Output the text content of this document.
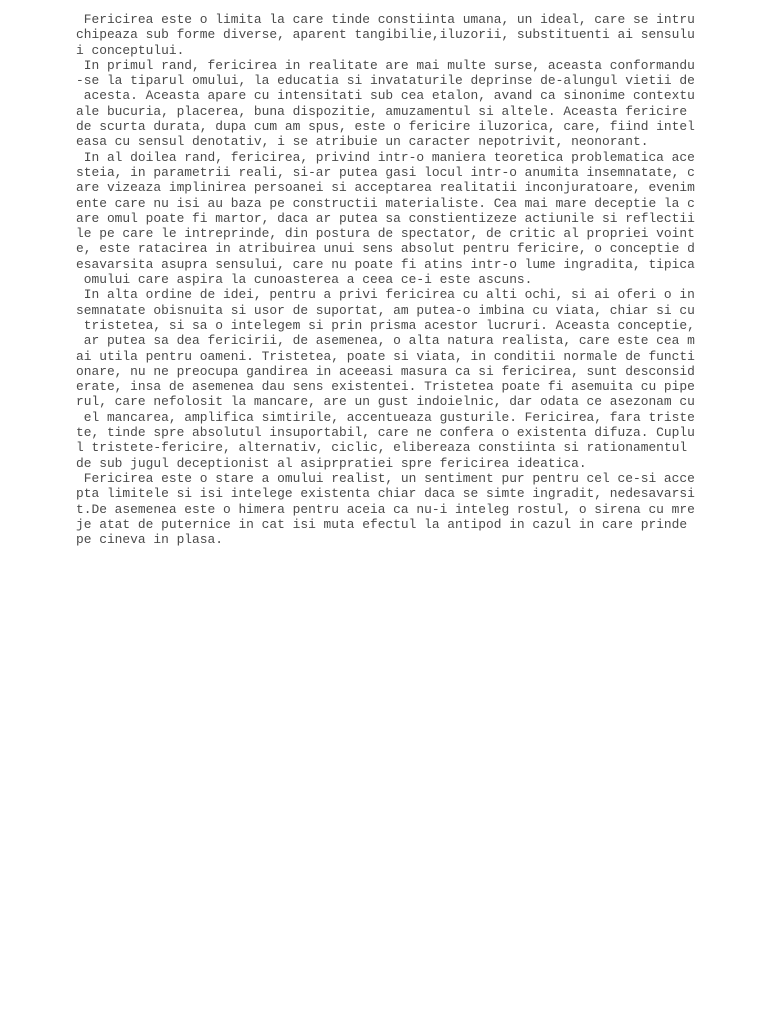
Fericirea este o limita la care tinde constiinta umana, un ideal, care se intru
chipeaza sub forme diverse, aparent tangibilie,iluzorii, substituenti ai sensulu
i conceptului.
In primul rand, fericirea in realitate are mai multe surse, aceasta conformandu
-se la tiparul omului, la educatia si invataturile deprinse de-alungul vietii de
acesta. Aceasta apare cu intensitati sub cea etalon, avand ca sinonime contextu
ale bucuria, placerea, buna dispozitie, amuzamentul si altele. Aceasta fericire
de scurta durata, dupa cum am spus, este o fericire iluzorica, care, fiind intel
easa cu sensul denotativ, i se atribuie un caracter nepotrivit, neonorant.
In al doilea rand, fericirea, privind intr-o maniera teoretica problematica ace
steia, in parametrii reali, si-ar putea gasi locul intr-o anumita insemnatate, c
are vizeaza implinirea persoanei si acceptarea realitatii inconjuratoare, evenim
ente care nu isi au baza pe constructii materialiste. Cea mai mare deceptie la c
are omul poate fi martor, daca ar putea sa constientizeze actiunile si reflectii
le pe care le intreprinde, din postura de spectator, de critic al propriei voint
e, este ratacirea in atribuirea unui sens absolut pentru fericire, o conceptie d
esavarsita asupra sensului, care nu poate fi atins intr-o lume ingradita, tipica
omului care aspira la cunoasterea a ceea ce-i este ascuns.
In alta ordine de idei, pentru a privi fericirea cu alti ochi, si ai oferi o in
semnatate obisnuita si usor de suportat, am putea-o imbina cu viata, chiar si cu
tristetea, si sa o intelegem si prin prisma acestor lucruri. Aceasta conceptie,
ar putea sa dea fericirii, de asemenea, o alta natura realista, care este cea m
ai utila pentru oameni. Tristetea, poate si viata, in conditii normale de functi
onare, nu ne preocupa gandirea in aceeasi masura ca si fericirea, sunt desconsid
erate, insa de asemenea dau sens existentei. Tristetea poate fi asemuita cu pipe
rul, care nefolosit la mancare, are un gust indoielnic, dar odata ce asezonam cu
el mancarea, amplifica simtirile, accentueaza gusturile. Fericirea, fara triste
te, tinde spre absolutul insuportabil, care ne confera o existenta difuza. Cuplu
l tristete-fericire, alternativ, ciclic, elibereaza constiinta si rationamentul
de sub jugul deceptionist al asiprpratiei spre fericirea ideatica.
Fericirea este o stare a omului realist, un sentiment pur pentru cel ce-si acce
pta limitele si isi intelege existenta chiar daca se simte ingradit, nedesavarsi
t.De asemenea este o himera pentru aceia ca nu-i inteleg rostul, o sirena cu mre
je atat de puternice in cat isi muta efectul la antipod in cazul in care prinde
pe cineva in plasa.
